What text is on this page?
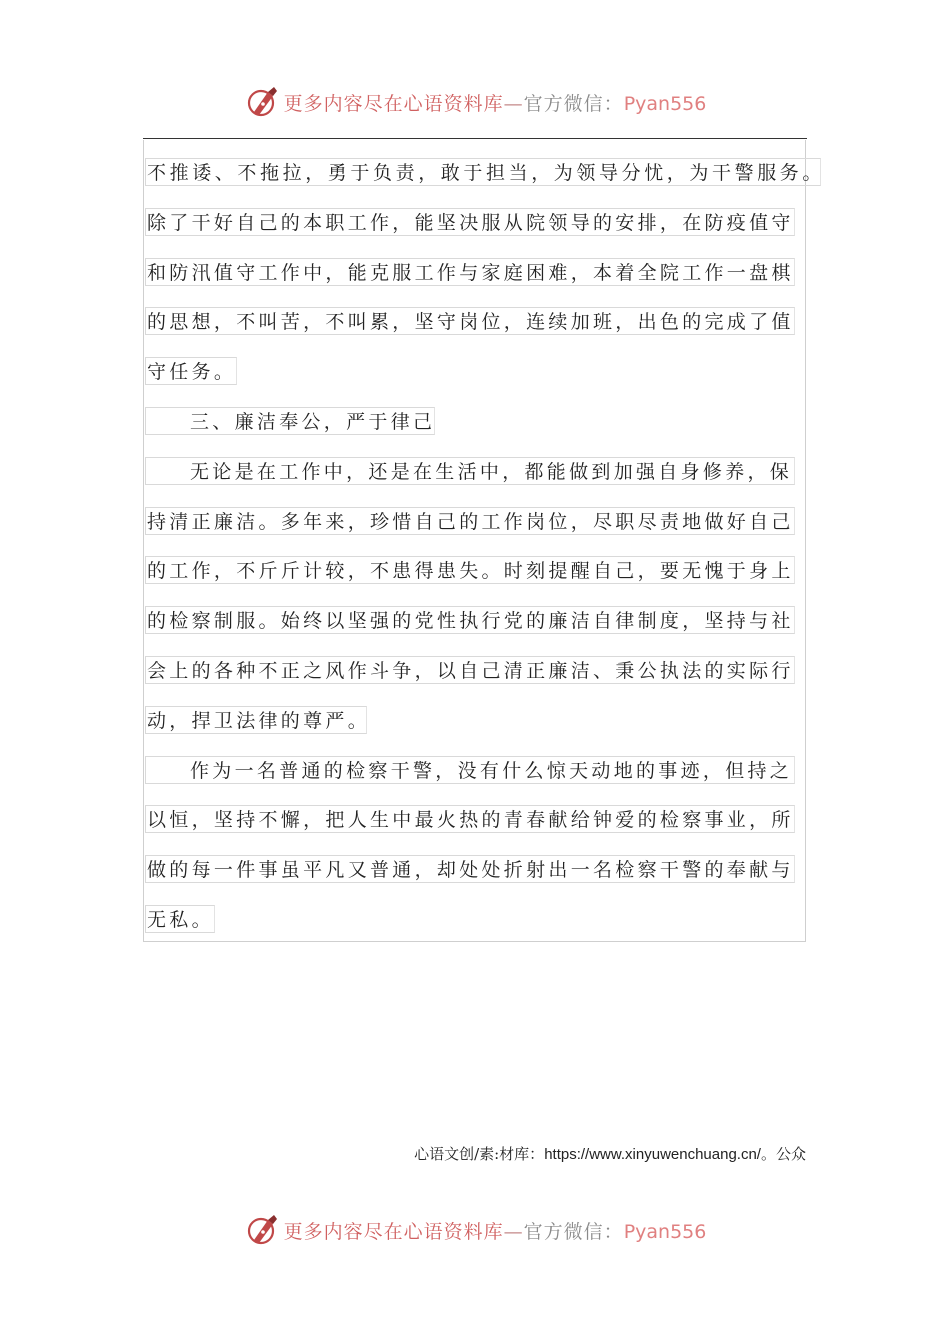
更多内容尽在心语资料库—官方微信：Pyan556
不推诿、不拖拉，勇于负责，敢于担当，为领导分忧，为干警服务。
除了干好自己的本职工作，能坚决服从院领导的安排，在防疫值守
和防汛值守工作中，能克服工作与家庭困难，本着全院工作一盘棋
的思想，不叫苦，不叫累，坚守岗位，连续加班，出色的完成了值
守任务。
三、廉洁奉公，严于律己
无论是在工作中，还是在生活中，都能做到加强自身修养，保
持清正廉洁。多年来，珍惜自己的工作岗位，尽职尽责地做好自己
的工作，不斤斤计较，不患得患失。时刻提醒自己，要无愧于身上
的检察制服。始终以坚强的党性执行党的廉洁自律制度，坚持与社
会上的各种不正之风作斗争，以自己清正廉洁、秉公执法的实际行
动，捍卫法律的尊严。
作为一名普通的检察干警，没有什么惊天动地的事迹，但持之
以恒，坚持不懈，把人生中最火热的青春献给钟爱的检察事业，所
做的每一件事虽平凡又普通，却处处折射出一名检察干警的奉献与
无私。
心语文创/素:材库：https://www.xinyuwenchuang.cn/。公众
更多内容尽在心语资料库—官方微信：Pyan556
